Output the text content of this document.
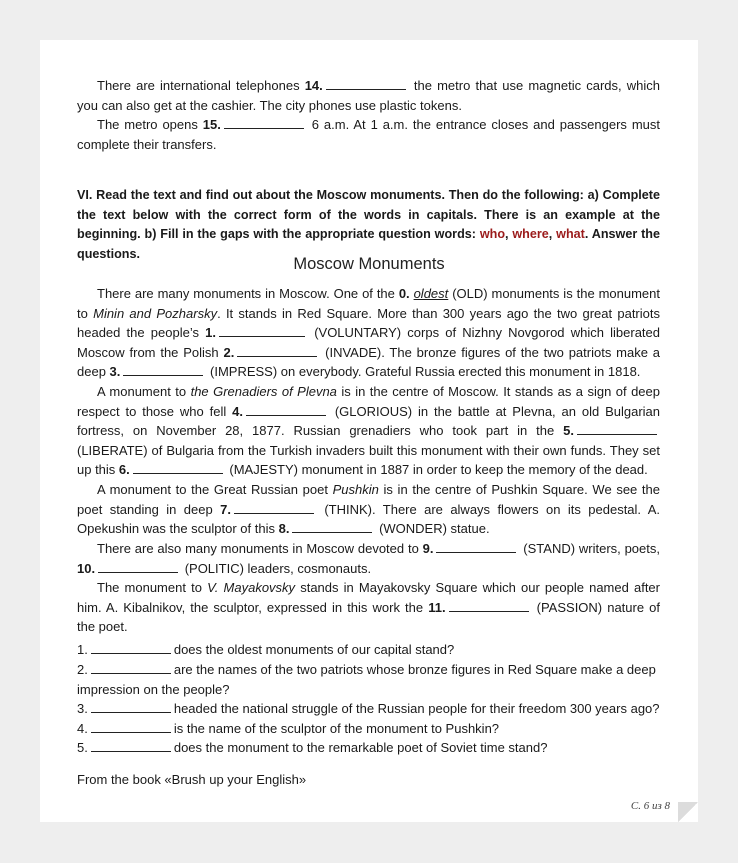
There are international telephones 14.	the metro that use magnetic cards, which you can also get at the cashier. The city phones use plastic tokens.
The metro opens 15.	6 a.m. At 1 a.m. the entrance closes and passengers must complete their transfers.
VI. Read the text and find out about the Moscow monuments. Then do the following: a) Complete the text below with the correct form of the words in capitals. There is an example at the beginning. b) Fill in the gaps with the appropriate question words: who, where, what. Answer the questions.
Moscow Monuments
There are many monuments in Moscow. One of the 0. oldest (OLD) monuments is the monument to Minin and Pozharsky. It stands in Red Square. More than 300 years ago the two great patriots headed the people’s 1.	(VOLUNTARY) corps of Nizhny Novgorod which liberated Moscow from the Polish 2.	(INVADE). The bronze figures of the two patriots make a deep 3.	(IMPRESS) on everybody. Grateful Russia erected this monument in 1818.
A monument to the Grenadiers of Plevna is in the centre of Moscow. It stands as a sign of deep respect to those who fell 4.	(GLORIOUS) in the battle at Plevna, an old Bulgarian fortress, on November 28, 1877. Russian grenadiers who took part in the 5. (LIBERATE) of Bulgaria from the Turkish invaders built this monument with their own funds. They set up this 6.	(MAJESTY) monument in 1887 in order to keep the memory of the dead.
A monument to the Great Russian poet Pushkin is in the centre of Pushkin Square. We see the poet standing in deep 7.	(THINK). There are always flowers on its pedestal. A. Opekushin was the sculptor of this 8.	(WONDER) statue.
There are also many monuments in Moscow devoted to 9.	(STAND) writers, poets, 10.	(POLITIC) leaders, cosmonauts.
The monument to V. Mayakovsky stands in Mayakovsky Square which our people named after him. A. Kibalnikov, the sculptor, expressed in this work the 11.	(PASSION) nature of the poet.
1.	does the oldest monuments of our capital stand?
2.	are the names of the two patriots whose bronze figures in Red Square make a deep impression on the people?
3.	headed the national struggle of the Russian people for their freedom 300 years ago?
4.	is the name of the sculptor of the monument to Pushkin?
5.	does the monument to the remarkable poet of Soviet time stand?
From the book «Brush up your English»
С. 6 из 8
